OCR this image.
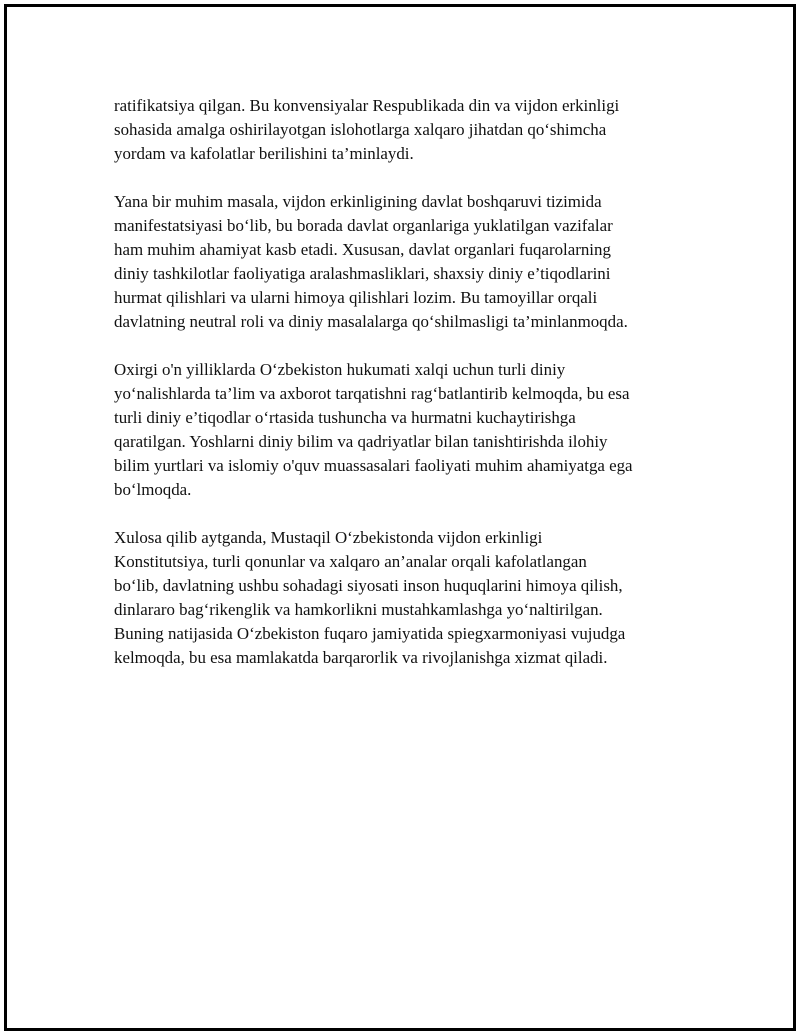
ratifikatsiya qilgan. Bu konvensiyalar Respublikada din va vijdon erkinligi
sohasida amalga oshirilayotgan islohotlarga xalqaro jihatdan qo‘shimcha
yordam va kafolatlar berilishini ta’minlaydi.

Yana bir muhim masala, vijdon erkinligining davlat boshqaruvi tizimida
manifestatsiyasi bo‘lib, bu borada davlat organlariga yuklatilgan vazifalar
ham muhim ahamiyat kasb etadi. Xususan, davlat organlari fuqarolarning
diniy tashkilotlar faoliyatiga aralashmasliklari, shaxsiy diniy e’tiqodlarini
hurmat qilishlari va ularni himoya qilishlari lozim. Bu tamoyillar orqali
davlatning neutral roli va diniy masalalarga qo‘shilmasligi ta’minlanmoqda.

Oxirgi o'n yilliklarda O‘zbekiston hukumati xalqi uchun turli diniy
yo‘nalishlarda ta’lim va axborot tarqatishni rag‘batlantirib kelmoqda, bu esa
turli diniy e’tiqodlar o‘rtasida tushuncha va hurmatni kuchaytirishga
qaratilgan. Yoshlarni diniy bilim va qadriyatlar bilan tanishtirishda ilohiy
bilim yurtlari va islomiy o'quv muassasalari faoliyati muhim ahamiyatga ega
bo‘lmoqda.

Xulosa qilib aytganda, Mustaqil O‘zbekistonda vijdon erkinligi
Konstitutsiya, turli qonunlar va xalqaro an’analar orqali kafolatlangan
bo‘lib, davlatning ushbu sohadagi siyosati inson huquqlarini himoya qilish,
dinlararo bag‘rikenglik va hamkorlikni mustahkamlashga yo‘naltirilgan.
Buning natijasida O‘zbekiston fuqaro jamiyatida spiegxarmoniyasi vujudga
kelmoqda, bu esa mamlakatda barqarorlik va rivojlanishga xizmat qiladi.
